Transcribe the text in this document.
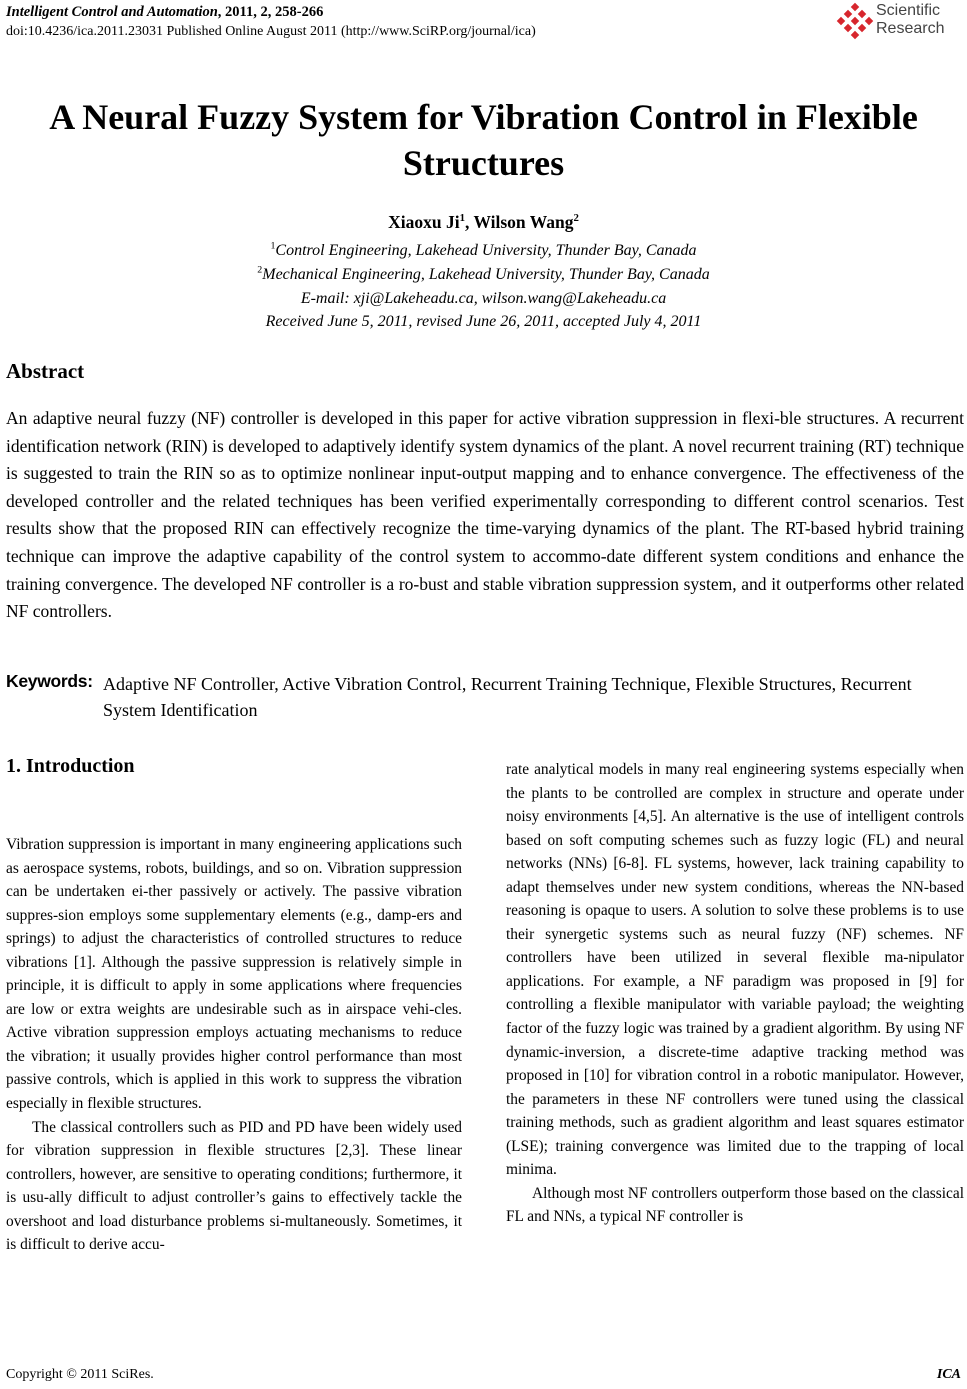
Intelligent Control and Automation, 2011, 2, 258-266
doi:10.4236/ica.2011.23031 Published Online August 2011 (http://www.SciRP.org/journal/ica)
Scientific
Research
A Neural Fuzzy System for Vibration Control in Flexible Structures
Xiaoxu Ji$^1$, Wilson Wang$^2$
$^1$Control Engineering, Lakehead University, Thunder Bay, Canada
$^2$Mechanical Engineering, Lakehead University, Thunder Bay, Canada
E-mail: xji@Lakeheadu.ca, wilson.wang@Lakeheadu.ca
Received June 5, 2011, revised June 26, 2011, accepted July 4, 2011
Abstract
An adaptive neural fuzzy (NF) controller is developed in this paper for active vibration suppression in flexi-ble structures. A recurrent identification network (RIN) is developed to adaptively identify system dynamics of the plant. A novel recurrent training (RT) technique is suggested to train the RIN so as to optimize nonlinear input-output mapping and to enhance convergence. The effectiveness of the developed controller and the related techniques has been verified experimentally corresponding to different control scenarios. Test results show that the proposed RIN can effectively recognize the time-varying dynamics of the plant. The RT-based hybrid training technique can improve the adaptive capability of the control system to accommo-date different system conditions and enhance the training convergence. The developed NF controller is a ro-bust and stable vibration suppression system, and it outperforms other related NF controllers.
Keywords: Adaptive NF Controller, Active Vibration Control, Recurrent Training Technique, Flexible Structures, Recurrent System Identification
1. Introduction

Vibration suppression is important in many engineering applications such as aerospace systems, robots, buildings, and so on. Vibration suppression can be undertaken ei-ther passively or actively. The passive vibration suppres-sion employs some supplementary elements (e.g., damp-ers and springs) to adjust the characteristics of controlled structures to reduce vibrations [1]. Although the passive suppression is relatively simple in principle, it is difficult to apply in some applications where frequencies are low or extra weights are undesirable such as in airspace vehi-cles. Active vibration suppression employs actuating mechanisms to reduce the vibration; it usually provides higher control performance than most passive controls, which is applied in this work to suppress the vibration especially in flexible structures.

The classical controllers such as PID and PD have been widely used for vibration suppression in flexible structures [2,3]. These linear controllers, however, are sensitive to operating conditions; furthermore, it is usu-ally difficult to adjust controller’s gains to effectively tackle the overshoot and load disturbance problems si-multaneously. Sometimes, it is difficult to derive accu-

rate analytical models in many real engineering systems especially when the plants to be controlled are complex in structure and operate under noisy environments [4,5]. An alternative is the use of intelligent controls based on soft computing schemes such as fuzzy logic (FL) and neural networks (NNs) [6-8]. FL systems, however, lack training capability to adapt themselves under new system conditions, whereas the NN-based reasoning is opaque to users. A solution to solve these problems is to use their synergetic systems such as neural fuzzy (NF) schemes. NF controllers have been utilized in several flexible ma-nipulator applications. For example, a NF paradigm was proposed in [9] for controlling a flexible manipulator with variable payload; the weighting factor of the fuzzy logic was trained by a gradient algorithm. By using NF dynamic-inversion, a discrete-time adaptive tracking method was proposed in [10] for vibration control in a robotic manipulator. However, the parameters in these NF controllers were tuned using the classical training methods, such as gradient algorithm and least squares estimator (LSE); training convergence was limited due to the trapping of local minima.

Although most NF controllers outperform those based on the classical FL and NNs, a typical NF controller is

Copyright © 2011 SciRes.	ICA
